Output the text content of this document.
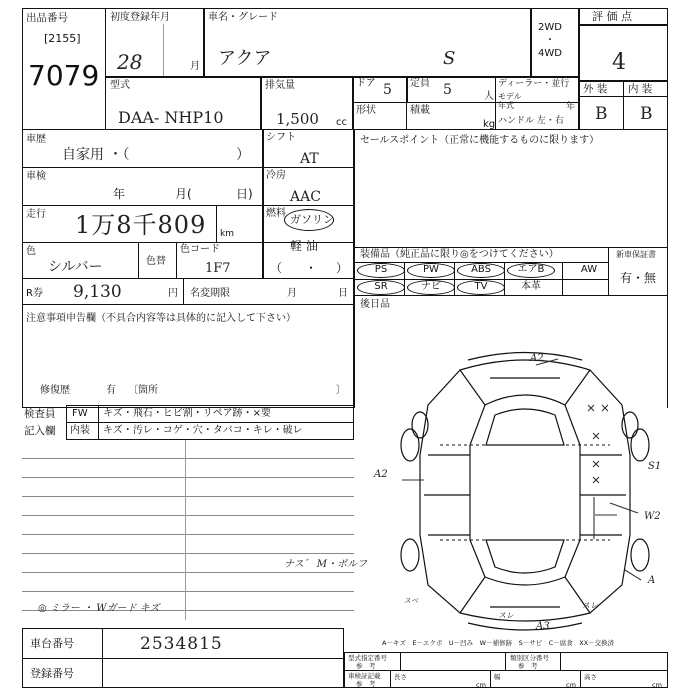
出品番号
[2155]
7079
初度登録年月
28	月
車名・グレード
アクア	S
2WD
・
4WD
評 価 点
4
型式
DAA- NHP10
排気量
1,500 cc
ドア 5 定員 5	人
形状	積載
kg
ディーラー・並行
モデル
年式	年
ハンドル 左・右
外 装 内 装
B B
車歴
自家用 ・（	）
車検
年	月(	日)
走行 1万8千809 km
色
シルバー	色替
色コード
1F7
R券 9,130	円 名変期限	月	日
注意事項申告欄（不具合内容等は具体的に記入して下さい）
修復歴	有 〔箇所	〕
シフト
AT
冷房
AAC
燃料 ガソリン
軽 油
（ ・ ）
セールスポイント（正常に機能するものに限ります）
装備品（純正品に限り◎をつけてください）	新車保証書
有・無
PS	PW	ABS	エアB	AW
SR	ナビ	TV	本革
後日品
検査員
記入欄
FW キズ・飛石・ヒビ割・リペア跡・×要
内装 キズ・汚レ・コゲ・穴・タバコ・キレ・破レ
ナス゛ M・ポルフ
◎ ミラー ・ Wガード キズ
A2
A2
S1
W2
A
A3
スベ
スレ
スレ
A－キズ　E－エクボ　U－凹み　W－補修跡　S－サビ　C－腐食　XX－交換済
車台番号	2534815
登録番号
型式指定番号
参　考
類別区分番号
参　考
車検証記載
参　考
長さ
cm
幅
cm
高さ
cm
